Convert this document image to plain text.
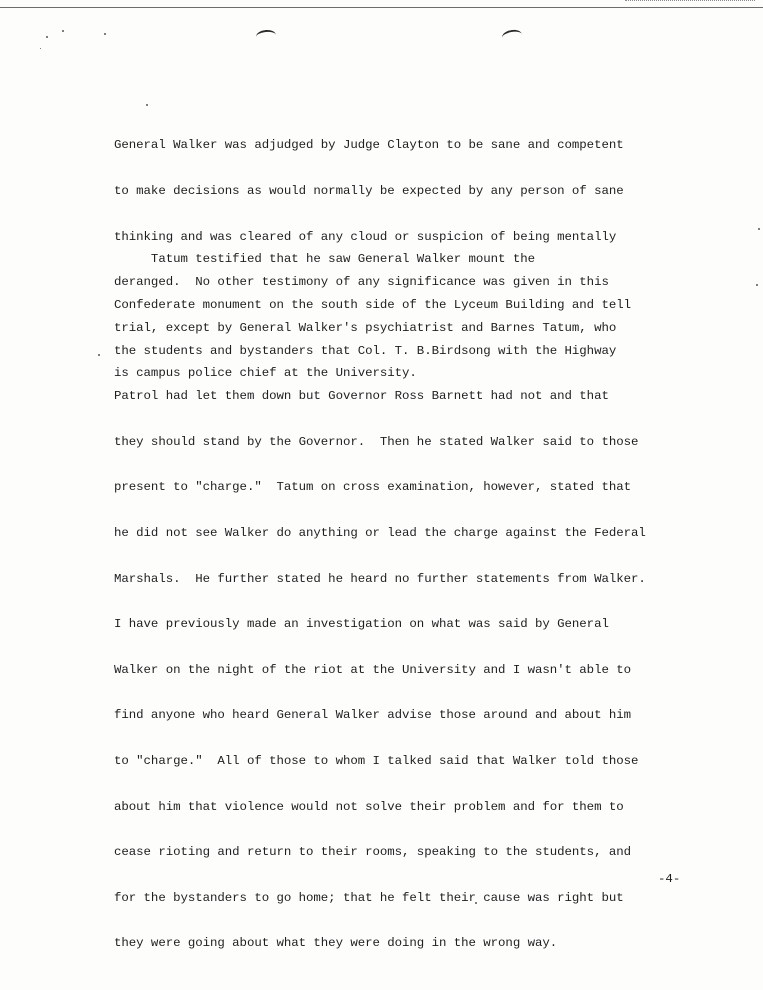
General Walker was adjudged by Judge Clayton to be sane and competent

to make decisions as would normally be expected by any person of sane

thinking and was cleared of any cloud or suspicion of being mentally

deranged.  No other testimony of any significance was given in this

trial, except by General Walker's psychiatrist and Barnes Tatum, who

is campus police chief at the University.

Tatum testified that he saw General Walker mount the

Confederate monument on the south side of the Lyceum Building and tell

the students and bystanders that Col. T. B.Birdsong with the Highway

Patrol had let them down but Governor Ross Barnett had not and that

they should stand by the Governor.  Then he stated Walker said to those

present to "charge."  Tatum on cross examination, however, stated that

he did not see Walker do anything or lead the charge against the Federal

Marshals.  He further stated he heard no further statements from Walker.

I have previously made an investigation on what was said by General

Walker on the night of the riot at the University and I wasn't able to

find anyone who heard General Walker advise those around and about him

to "charge."  All of those to whom I talked said that Walker told those

about him that violence would not solve their problem and for them to

cease rioting and return to their rooms, speaking to the students, and

for the bystanders to go home; that he felt their cause was right but

they were going about what they were doing in the wrong way.

-4-
